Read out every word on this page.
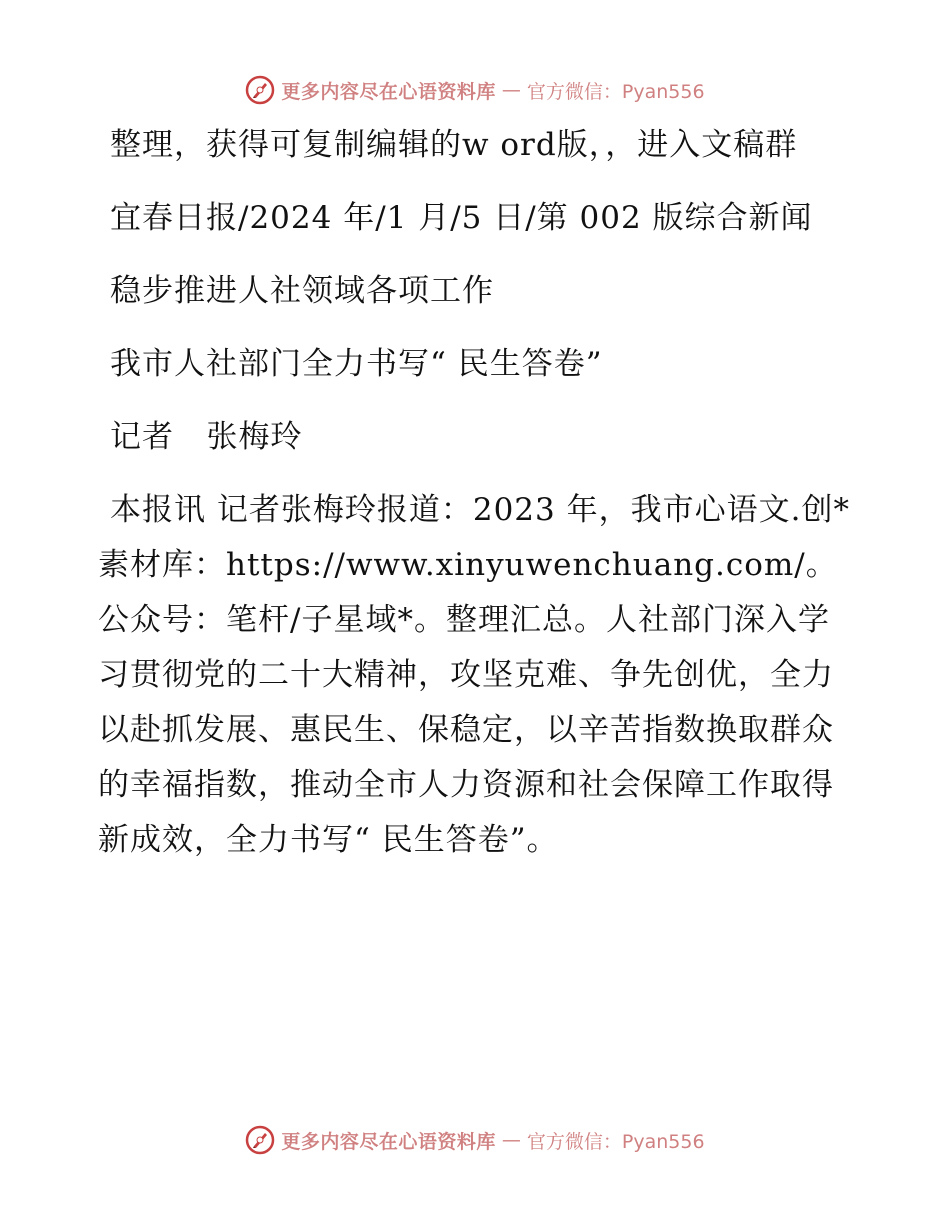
更多内容尽在心语资料库 — 官方微信：Pyan556

整理，获得可复制编辑的w ord版，，进入文稿群

宜春日报/2024 年/1 月/5 日/第 002 版综合新闻

稳步推进人社领域各项工作

我市人社部门全力书写“ 民生答卷”

记者   张梅玲

本报讯 记者张梅玲报道：2023 年，我市心语文.创*素材库：https://www.xinyuwenchuang.com/。公众号：笔杆/子星域*。整理汇总。人社部门深入学习贯彻党的二十大精神，攻坚克难、争先创优，全力以赴抓发展、惠民生、保稳定，以辛苦指数换取群众的幸福指数，推动全市人力资源和社会保障工作取得新成效，全力书写“ 民生答卷”。

更多内容尽在心语资料库 — 官方微信：Pyan556
